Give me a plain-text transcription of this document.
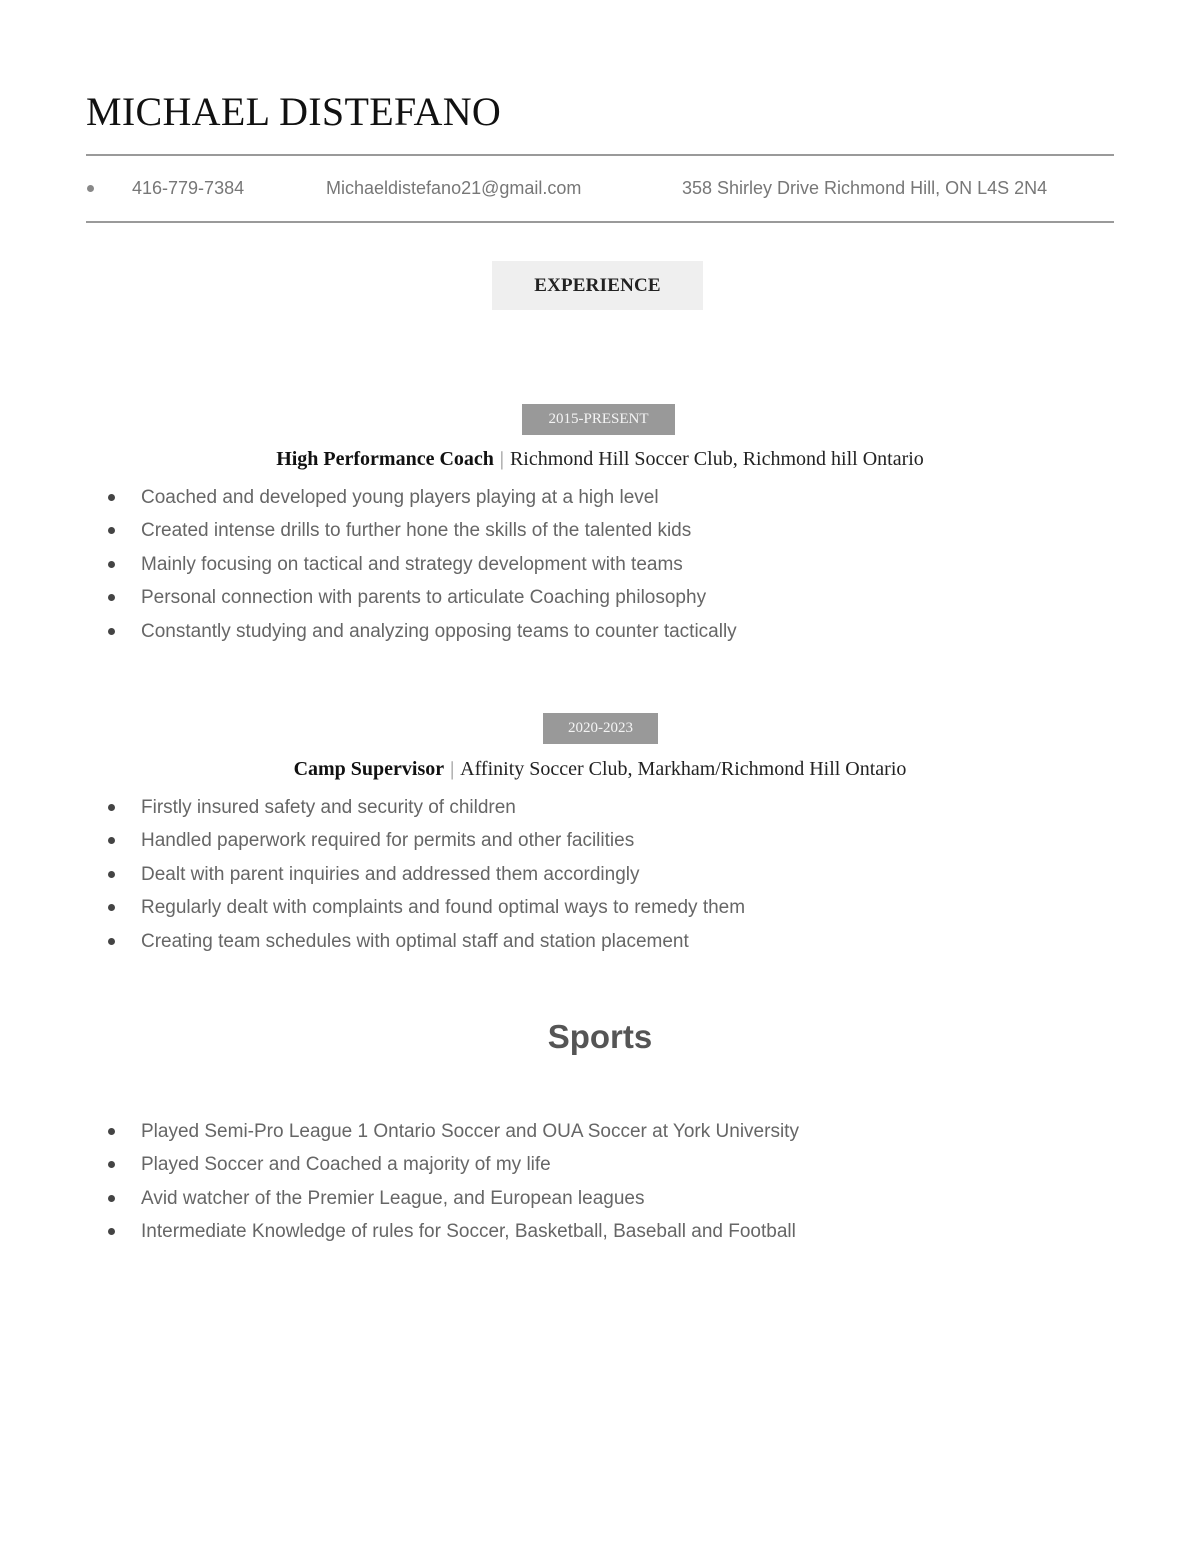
MICHAEL DISTEFANO
416-779-7384	Michaeldistefano21@gmail.com	358 Shirley Drive Richmond Hill, ON L4S 2N4
EXPERIENCE
2015-PRESENT
High Performance Coach | Richmond Hill Soccer Club, Richmond hill Ontario
Coached and developed young players playing at a high level
Created intense drills to further hone the skills of the talented kids
Mainly focusing on tactical and strategy development with teams
Personal connection with parents to articulate Coaching philosophy
Constantly studying and analyzing opposing teams to counter tactically
2020-2023
Camp Supervisor | Affinity Soccer Club, Markham/Richmond Hill Ontario
Firstly insured safety and security of children
Handled paperwork required for permits and other facilities
Dealt with parent inquiries and addressed them accordingly
Regularly dealt with complaints and found optimal ways to remedy them
Creating team schedules with optimal staff and station placement
Sports
Played Semi-Pro League 1 Ontario Soccer and OUA Soccer at York University
Played Soccer and Coached a majority of my life
Avid watcher of the Premier League, and European leagues
Intermediate Knowledge of rules for Soccer, Basketball, Baseball and Football
